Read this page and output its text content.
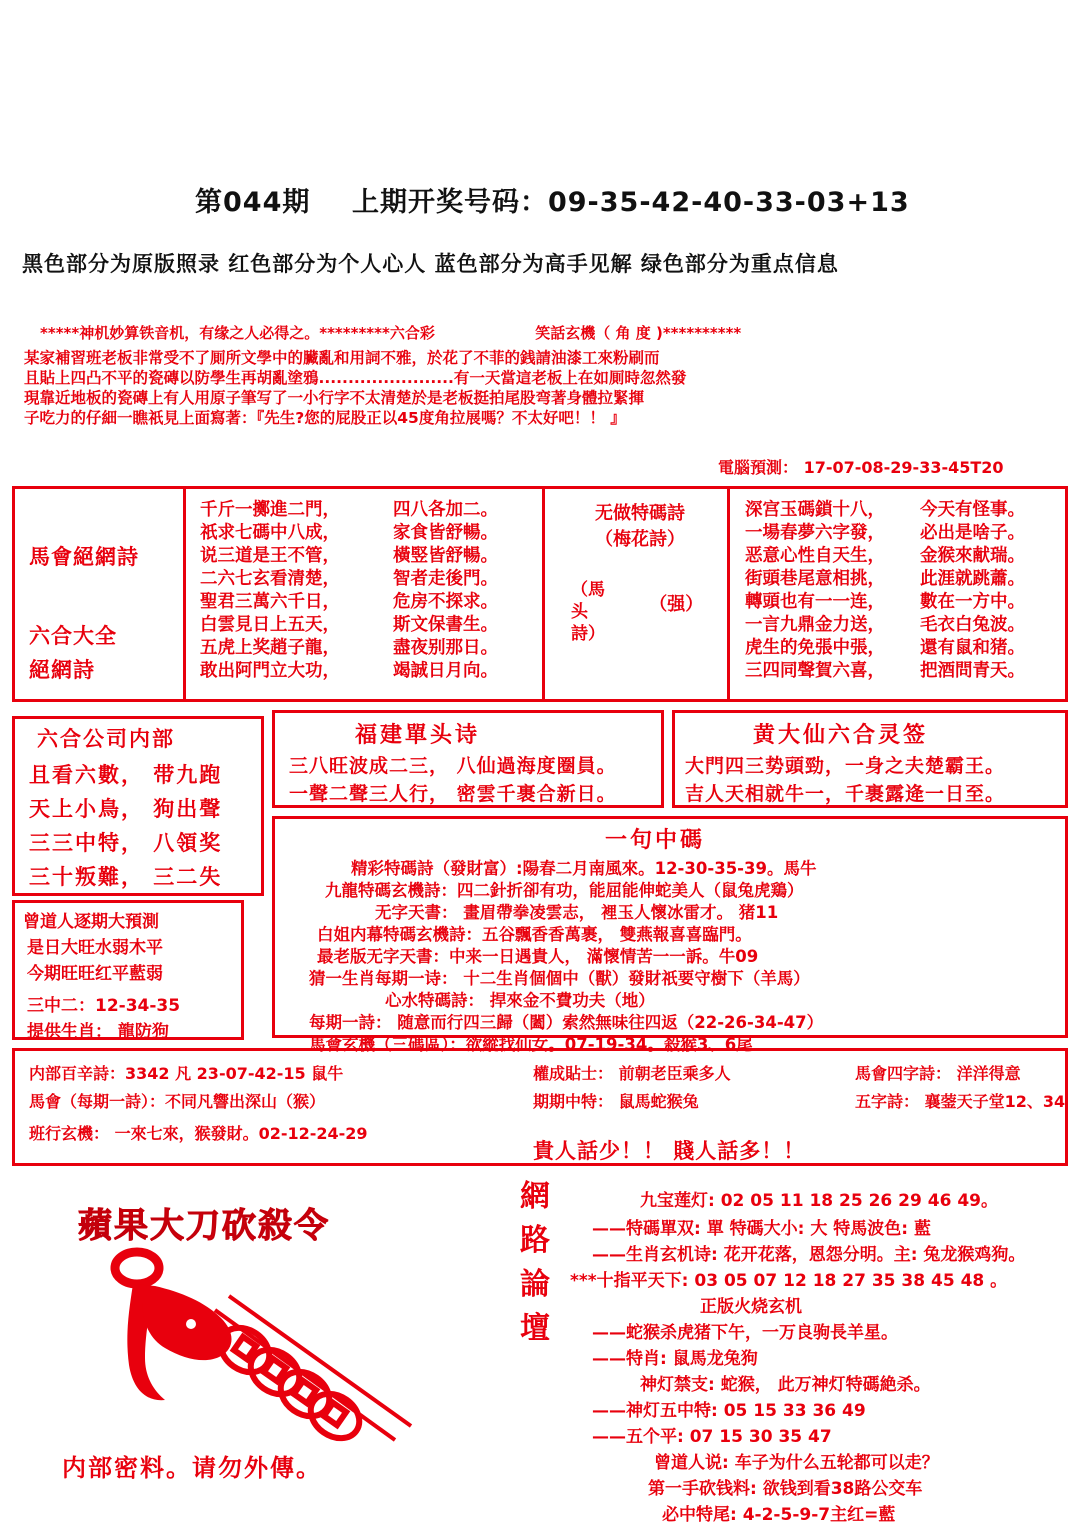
第044期 上期开奖号码：09-35-42-40-33-03+13
黑色部分为原版照录 红色部分为个人心人 蓝色部分为高手见解 绿色部分为重点信息
*****神机妙算铁音机，有缘之人必得之。*********六合彩	笑話玄機（ 角 度 )**********
某家補習班老板非常受不了厠所文學中的臟亂和用詞不雅，於花了不菲的銭請油漆工來粉刷而
且貼上四凸不平的瓷磚以防學生再胡亂塗鴉.......................有一天當這老板上在如厠時忽然發
現靠近地板的瓷磚上有人用原子筆写了一小行字不太清楚於是老板挺拍尾股弯著身體拉緊揮
子吃力的仔細一瞧祇見上面寫著：『先生?您的屁股正以45度角拉展嗎？不太好吧！！ 』
電腦預測： 17-07-08-29-33-45T20
馬會絕網詩
六合大全
絕網詩
千斤一擲進二門，
祇求七碼中八成，
说三道是王不管，
二六七玄看清楚，
聖君三萬六千日，
白雲見日上五天，
五虎上奖趙子龍，
敢出阿門立大功，
四八各加二。
家食皆舒暢。
橫竪皆舒暢。
智者走後門。
危房不探求。
斯文保書生。
盡夜别那日。
竭誠日月向。
无做特碼詩
（梅花詩）
（馬 头 詩） （强）
深宫玉碼鎖十八，
一場春夢六字發，
恶意心性自天生，
街頭巷尾意相挑，
轉頭也有一一连，
一言九鼎金力送，
虎生的免張中張，
三四同聲賀六喜，
今天有怪事。
必出是啥子。
金猴來献瑞。
此涯就跳蕭。
數在一方中。
毛衣白兔波。
還有鼠和猪。
把酒問青天。
六合公司内部
且看六數， 带九跑
天上小鳥， 狗出聲
三三中特， 八領奖
三十叛難， 三二失
福建單头诗
三八旺波成二三， 八仙過海度圈員。
一聲二聲三人行， 密雲千裹合新日。
黄大仙六合灵签
大門四三势頭勁，一身之夫楚霸王。
吉人天相就牛一，千裹露逄一日至。
曾道人逐期大預測
是日大旺水弱木平
今期旺旺红平藍弱
三中二：12-34-35
提供生肖： 龍防狗
一句中碼
精彩特碼詩（發財富）:陽春二月南風來。12-30-35-39。馬牛
九龍特碼玄機詩：四二針折卻有功，能屈能伸蛇美人（鼠兔虎鶏）
无字天書： 畫眉帶拳凌雲志， 裡玉人懷冰雷才。 猪11
白姐内幕特碼玄機詩：五谷飄香香萬裹， 雙燕報喜喜臨門。
最老版无字天書：中来一日遇貴人， 滿懷情苦一一訴。牛09
猜一生肖每期一诗： 十二生肖個個中（獸）發財祇要守樹下（羊馬）
心水特碼詩： 捍來金不費功夫（地）
每期一詩： 随意而行四三歸（闔）索然無味往四返（22-26-34-47）
馬會玄機（三碼區）：欲縱找仙女。07-19-34。殺猴3、6尾
内部百辛詩：3342 凡 23-07-42-15 鼠牛
馬會（每期一詩）：不同凡響出深山（猴）
班行玄機： 一來七來，猴發財。02-12-24-29
權成貼士： 前朝老臣乘多人
期期中特： 鼠馬蛇猴兔
馬會四字詩： 洋洋得意
五字詩： 襄蓥天子堂12、34
貴人話少！！ 賤人話多！！
蘋果大刀砍殺令
内部密料。请勿外傳。
網
路
論
壇
九宝莲灯: 02 05 11 18 25 26 29 46 49。
——特碼單双: 單 特碼大小: 大 特馬波色: 藍
——生肖玄机诗: 花开花落，恩怨分明。主: 兔龙猴鸡狗。
***十指平天下: 03 05 07 12 18 27 35 38 45 48 。
正版火烧玄机
——蛇猴杀虎猪下午，一万良驹長羊星。
——特肖: 鼠馬龙兔狗
神灯禁支: 蛇猴， 此万神灯特碼絶杀。
——神灯五中特: 05 15 33 36 49
——五个平: 07 15 30 35 47
曾道人说: 车子为什么五轮都可以走？
第一手砍钱料: 欲钱到看38路公交车
必中特尾: 4-2-5-9-7主红=藍
